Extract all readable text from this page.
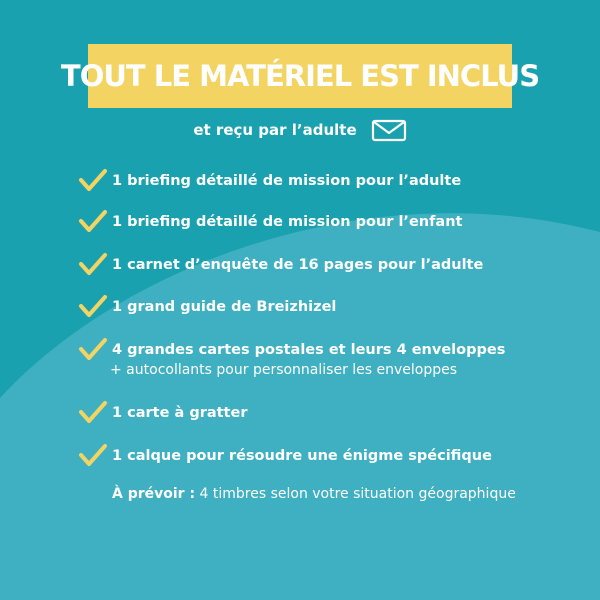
TOUT LE MATÉRIEL EST INCLUS
et reçu par l’adulte
1 briefing détaillé de mission pour l’adulte
1 briefing détaillé de mission pour l’enfant
1 carnet d’enquête de 16 pages pour l’adulte
1 grand guide de Breizhizel
4 grandes cartes postales et leurs 4 enveloppes
+ autocollants pour personnaliser les enveloppes
1 carte à gratter
1 calque pour résoudre une énigme spécifique
À prévoir : 4 timbres selon votre situation géographique
